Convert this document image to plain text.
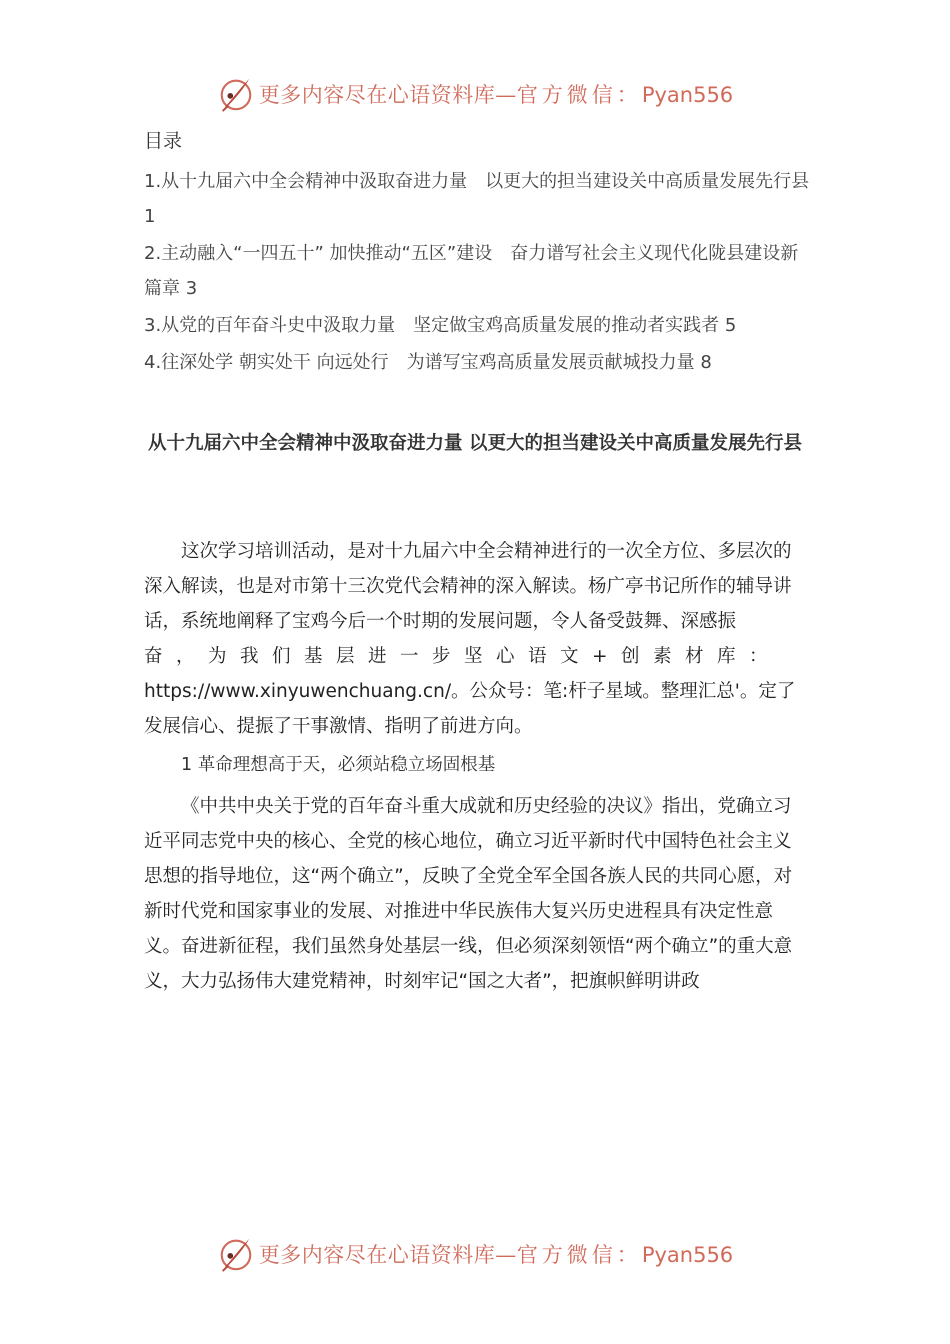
更多内容尽在心语资料库—官方微信：Pyan556
目录
1.从十九届六中全会精神中汲取奋进力量　以更大的担当建设关中高质量发展先行县 1
2.主动融入“一四五十” 加快推动“五区”建设　奋力谱写社会主义现代化陇县建设新篇章 3
3.从党的百年奋斗史中汲取力量　坚定做宝鸡高质量发展的推动者实践者 5
4.往深处学 朝实处干 向远处行　为谱写宝鸡高质量发展贡献城投力量 8
从十九届六中全会精神中汲取奋进力量 以更大的担当建设关中高质量发展先行县

这次学习培训活动，是对十九届六中全会精神进行的一次全方位、多层次的深入解读，也是对市第十三次党代会精神的深入解读。杨广亭书记所作的辅导讲话，系统地阐释了宝鸡今后一个时期的发展问题，令人备受鼓舞、深感振奋，为我们基层进一步坚心语文+创素材库：https://www.xinyuwenchuang.cn/。公众号：笔:杆子星域。整理汇总'。定了发展信心、提振了干事激情、指明了前进方向。

1 革命理想高于天，必须站稳立场固根基

《中共中央关于党的百年奋斗重大成就和历史经验的决议》指出，党确立习近平同志党中央的核心、全党的核心地位，确立习近平新时代中国特色社会主义思想的指导地位，这“两个确立”，反映了全党全军全国各族人民的共同心愿，对新时代党和国家事业的发展、对推进中华民族伟大复兴历史进程具有决定性意义。奋进新征程，我们虽然身处基层一线，但必须深刻领悟“两个确立”的重大意义，大力弘扬伟大建党精神，时刻牢记“国之大者”，把旗帜鲜明讲政

更多内容尽在心语资料库—官方微信：Pyan556
